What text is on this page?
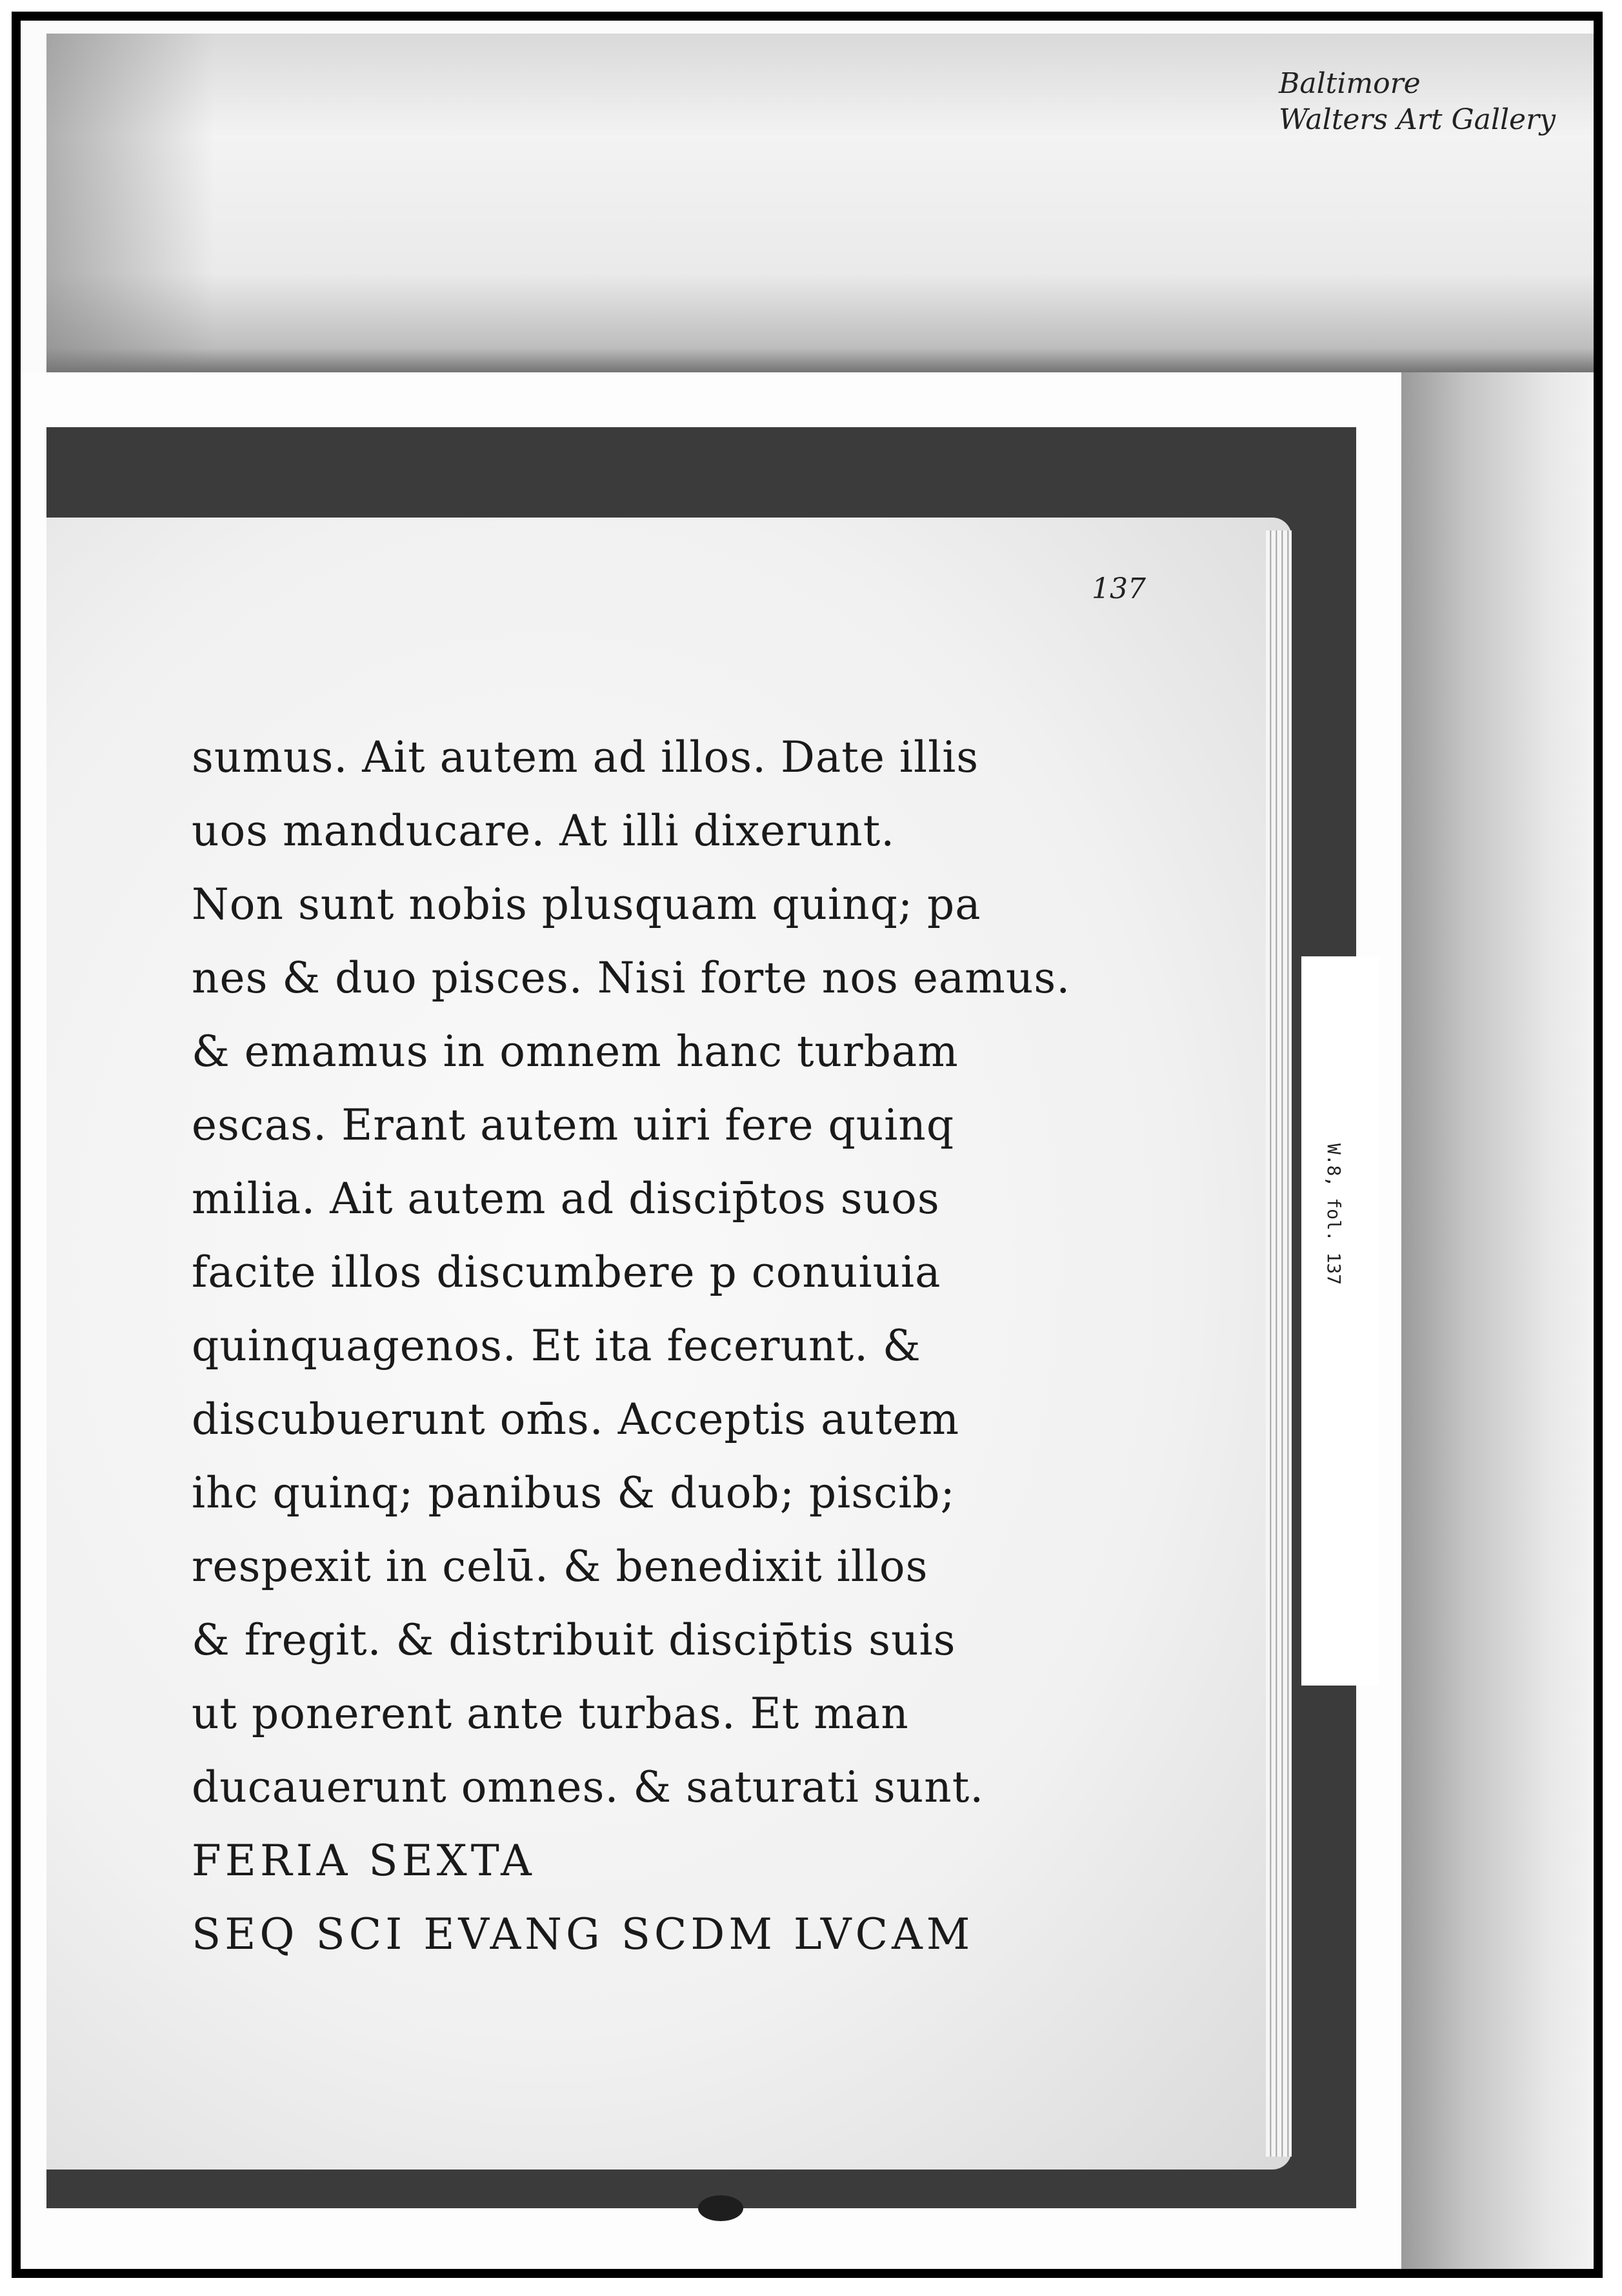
Baltimore
Walters Art Gallery
W.8, fol. 137
137
sumus. Ait autem ad illos. Date illis
uos manducare. At illi dixerunt.
Non sunt nobis plusquam quinq; pa
nes & duo pisces. Nisi forte nos eamus.
& emamus in omnem hanc turbam
escas. Erant autem uiri fere quinq
milia. Ait autem ad discip̄tos suos
facite illos discumbere p conuiuia
quinquagenos. Et ita fecerunt. &
discubuerunt om̄s. Acceptis autem
ihc quinq; panibus & duob; piscib;
respexit in celū. & benedixit illos
& fregit. & distribuit discip̄tis suis
ut ponerent ante turbas. Et man
ducauerunt omnes. & saturati sunt.
FERIA SEXTA
SEQ SCI EVANG SCDM LVCAM
